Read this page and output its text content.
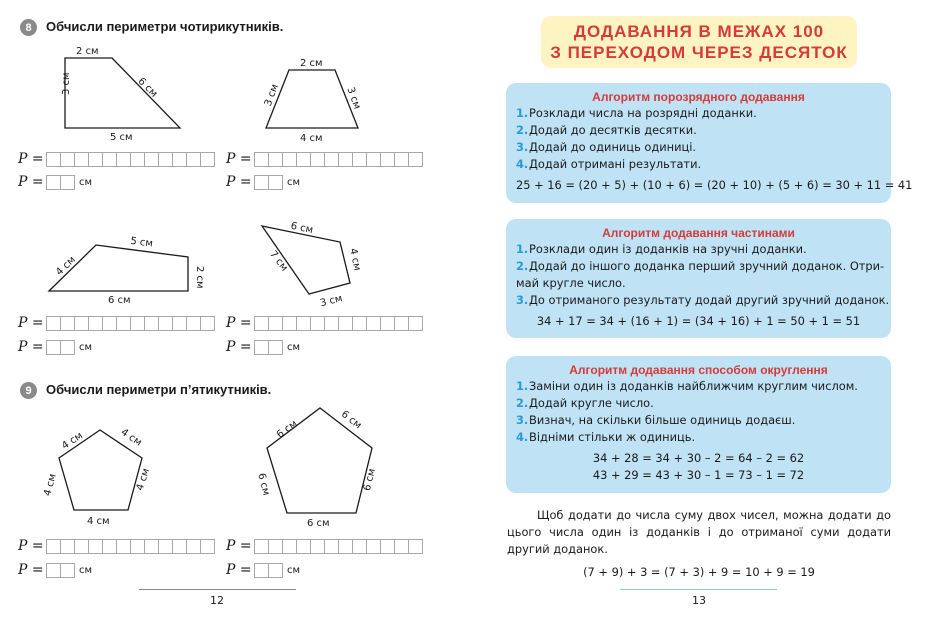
8	Обчисли периметри чотирикутників.
2 см
6 см
5 см
3 см
2 см
3 см
4 см
3 см
P =
P =	см
P =
P =	см
5 см
2 см
6 см
4 см
6 см
4 см
3 см
7 см
P =
P =	см
P =
P =	см
9	Обчисли периметри п’ятикутників.
4 см	4 см
4 см
4 см
4 см
6 см	6 см
6 см
6 см
6 см
P =
P =	см
P =
P =	см
12
ДОДАВАННЯ В МЕЖАХ 100
З ПЕРЕХОДОМ ЧЕРЕЗ ДЕСЯТОК
Алгоритм порозрядного додавання
1. Розклади числа на розрядні доданки.
2. Додай до десятків десятки.
3. Додай до одиниць одиниці.
4. Додай отримані результати.
25 + 16 = (20 + 5) + (10 + 6) = (20 + 10) + (5 + 6) = 30 + 11 = 41
Алгоритм додавання частинами
1. Розклади один із доданків на зручні доданки.
2. Додай до іншого доданка перший зручний доданок. Отри-
май кругле число.
3. До отриманого результату додай другий зручний доданок.
34 + 17 = 34 + (16 + 1) = (34 + 16) + 1 = 50 + 1 = 51
Алгоритм додавання способом округлення
1. Заміни один із доданків найближчим круглим числом.
2. Додай кругле число.
3. Визнач, на скільки більше одиниць додаєш.
4. Відніми стільки ж одиниць.
34 + 28 = 34 + 30 – 2 = 64 – 2 = 62
43 + 29 = 43 + 30 – 1 = 73 – 1 = 72
Щоб додати до числа суму двох чисел, можна додати до цього числа один із доданків і до отриманої суми додати другий доданок.
(7 + 9) + 3 = (7 + 3) + 9 = 10 + 9 = 19
13
